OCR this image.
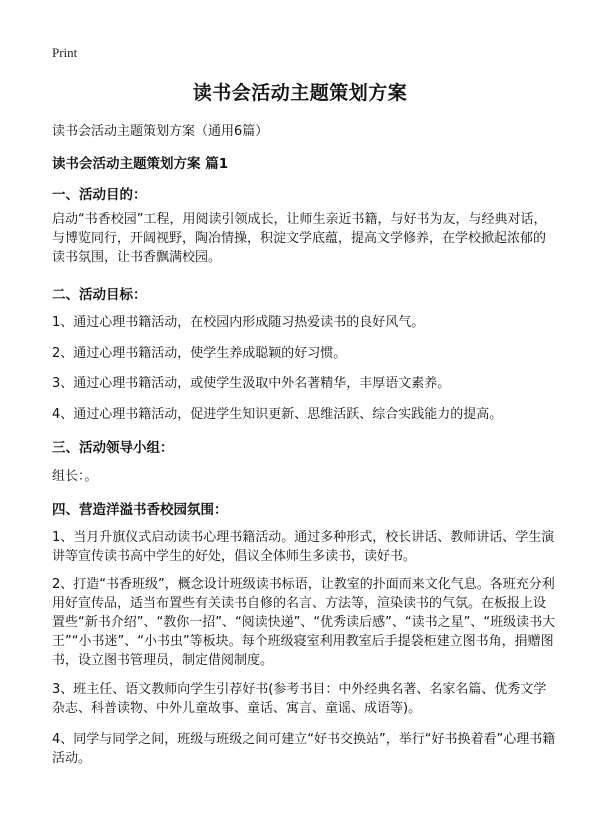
Print
读书会活动主题策划方案
读书会活动主题策划方案（通用6篇）
读书会活动主题策划方案 篇1
一、活动目的：
启动“书香校园”工程，用阅读引领成长，让师生亲近书籍，与好书为友，与经典对话，与博览同行，开阔视野，陶冶情操，积淀文学底蕴，提高文学修养，在学校掀起浓郁的读书氛围，让书香飘满校园。
二、活动目标：
1、通过心理书籍活动，在校园内形成随习热爱读书的良好风气。
2、通过心理书籍活动，使学生养成聪颖的好习惯。
3、通过心理书籍活动，或使学生汲取中外名著精华，丰厚语文素养。
4、通过心理书籍活动，促进学生知识更新、思维活跃、综合实践能力的提高。
三、活动领导小组：
组长：。
四、营造洋溢书香校园氛围：
1、当月升旗仪式启动读书心理书籍活动。通过多种形式，校长讲话、教师讲话、学生演讲等宣传读书高中学生的好处，倡议全体师生多读书，读好书。
2、打造“书香班级”，概念设计班级读书标语，让教室的扑面而来文化气息。各班充分利用好宣传品，适当布置些有关读书自修的名言、方法等，渲染读书的气氛。在板报上设置些“新书介绍”、“教你一招”、“阅读快递”、“优秀读后感”、“读书之星”、“班级读书大王”“小书迷”、“小书虫”等板块。每个班级寝室利用教室后手提袋柜建立图书角，捐赠图书，设立图书管理员，制定借阅制度。
3、班主任、语文教师向学生引荐好书(参考书目：中外经典名著、名家名篇、优秀文学杂志、科普读物、中外儿童故事、童话、寓言、童谣、成语等)。
4、同学与同学之间，班级与班级之间可建立“好书交换站”，举行“好书换着看”心理书籍活动。
